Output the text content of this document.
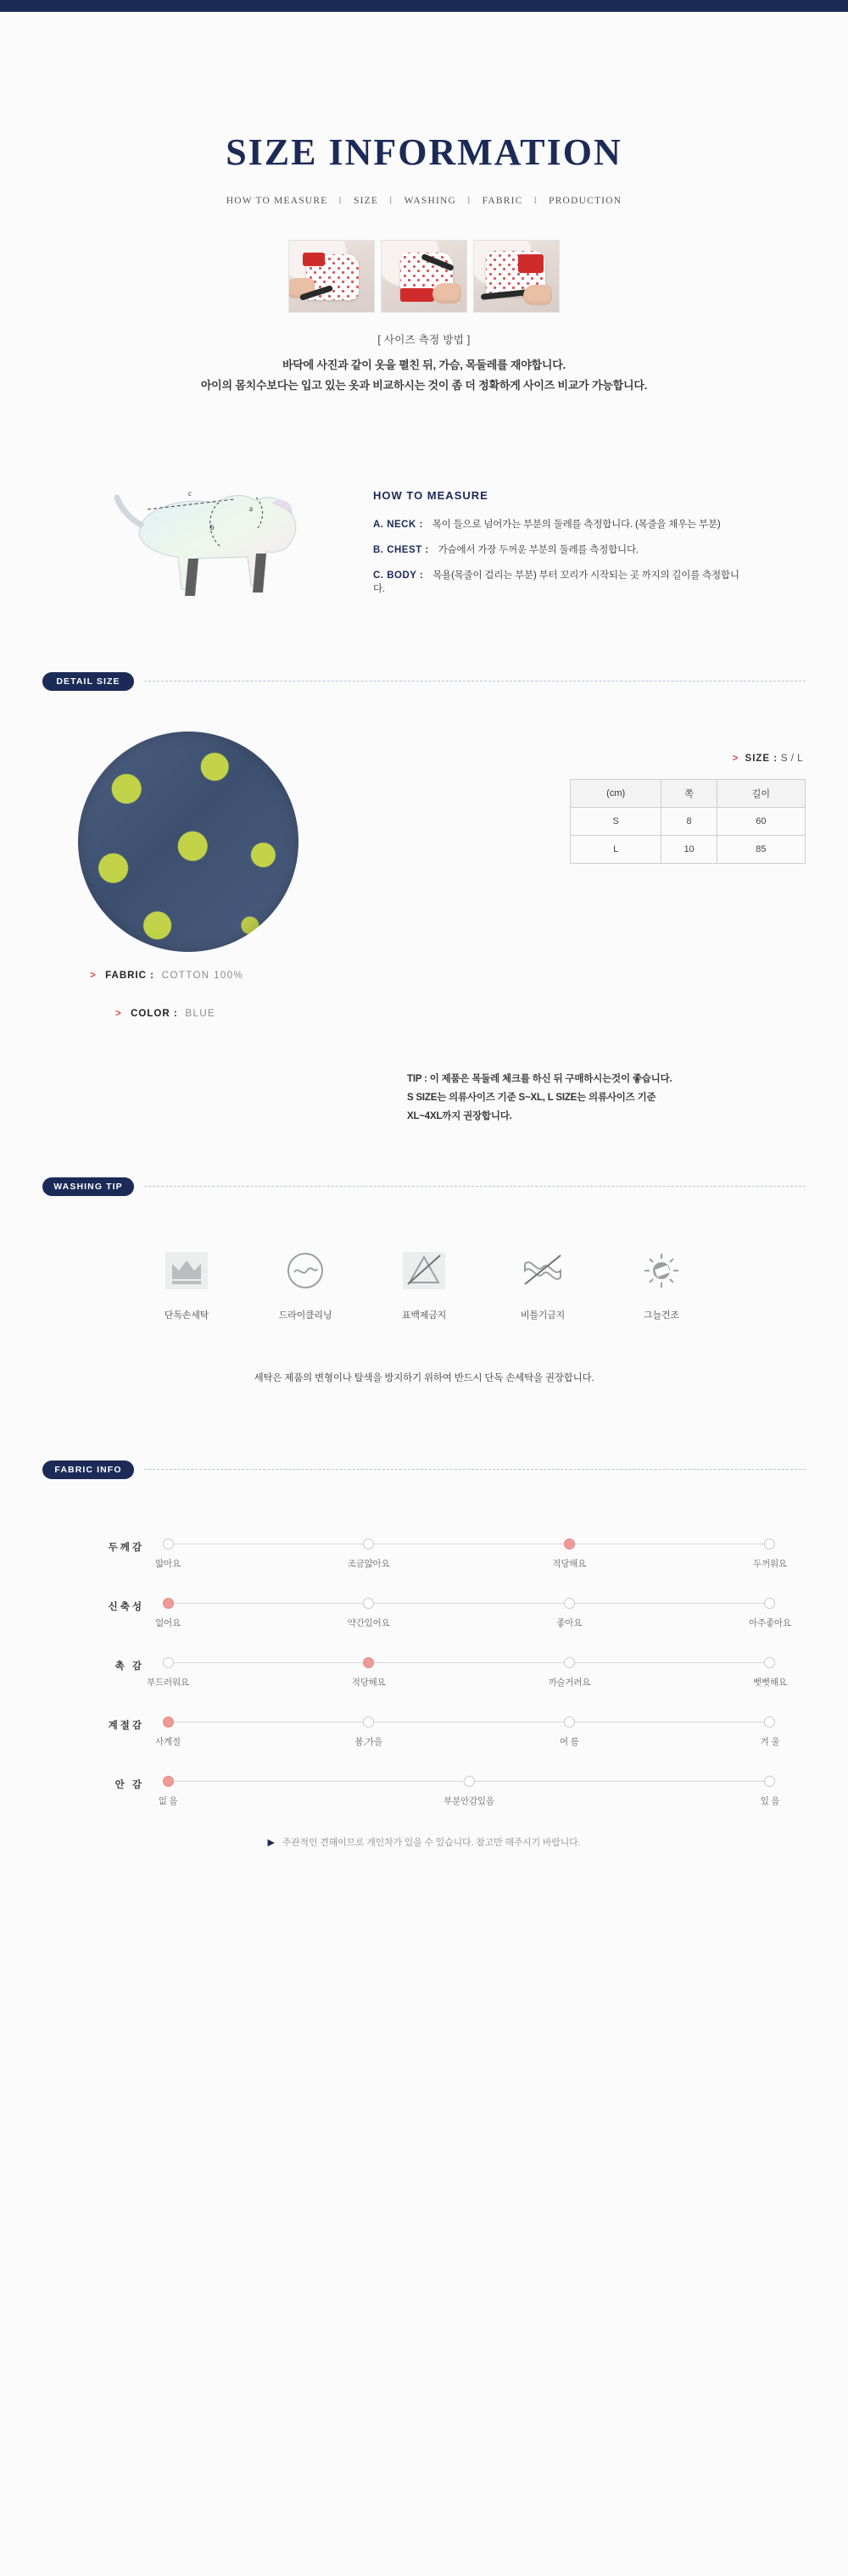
SIZE INFORMATION
HOW TO MEASURE l SIZE l WASHING l FABRIC l PRODUCTION
[ 사이즈 측정 방법 ]
바닥에 사진과 같이 옷을 펼친 뒤, 가슴, 목둘레를 재야합니다.
아이의 몸치수보다는 입고 있는 옷과 비교하시는 것이 좀 더 정확하게 사이즈 비교가 가능합니다.
a
b
c	HOW TO MEASURE
A. NECK : 목이 들으로 넘어가는 부분의 둘레를 측정합니다. (목줄을 채우는 부분)
B. CHEST : 가슴에서 가장 두꺼운 부분의 둘레를 측정합니다.
C. BODY : 목욜(목줄이 걸리는 부분) 부터 꼬리가 시작되는 곳 까지의 길이를 측정합니다.
DETAIL SIZE
> SIZE : S / L
(cm)	쪽	길이
S	8	60
L	10	85
> FABRIC : COTTON 100%
> COLOR : BLUE
TIP : 이 제품은 목둘레 체크를 하신 뒤 구매하시는것이 좋습니다.
S SIZE는 의류사이즈 기준 S~XL, L SIZE는 의류사이즈 기준
XL~4XL까지 권장합니다.
WASHING TIP
단독손세탁	드라이클리닝	표백제금지	비틀기금지	그늘건조
세탁은 제품의 변형이나 탈색을 방지하기 위하여 반드시 단독 손세탁을 권장합니다.
FABRIC INFO
두께감
얇아요	조금얇아요	적당해요	두꺼워요
신축성
없어요	약간있어요	좋아요	아주좋아요
촉 감
부드러워요	적당해요	까슬거려요	뻣뻣해요
계절감
사계절	봄,가을	여 름	겨 울
안 감
없 음	부분안감있음	있 음
▶ 주관적인 견해이므로 개인차가 있을 수 있습니다. 참고만 해주시기 바랍니다.
